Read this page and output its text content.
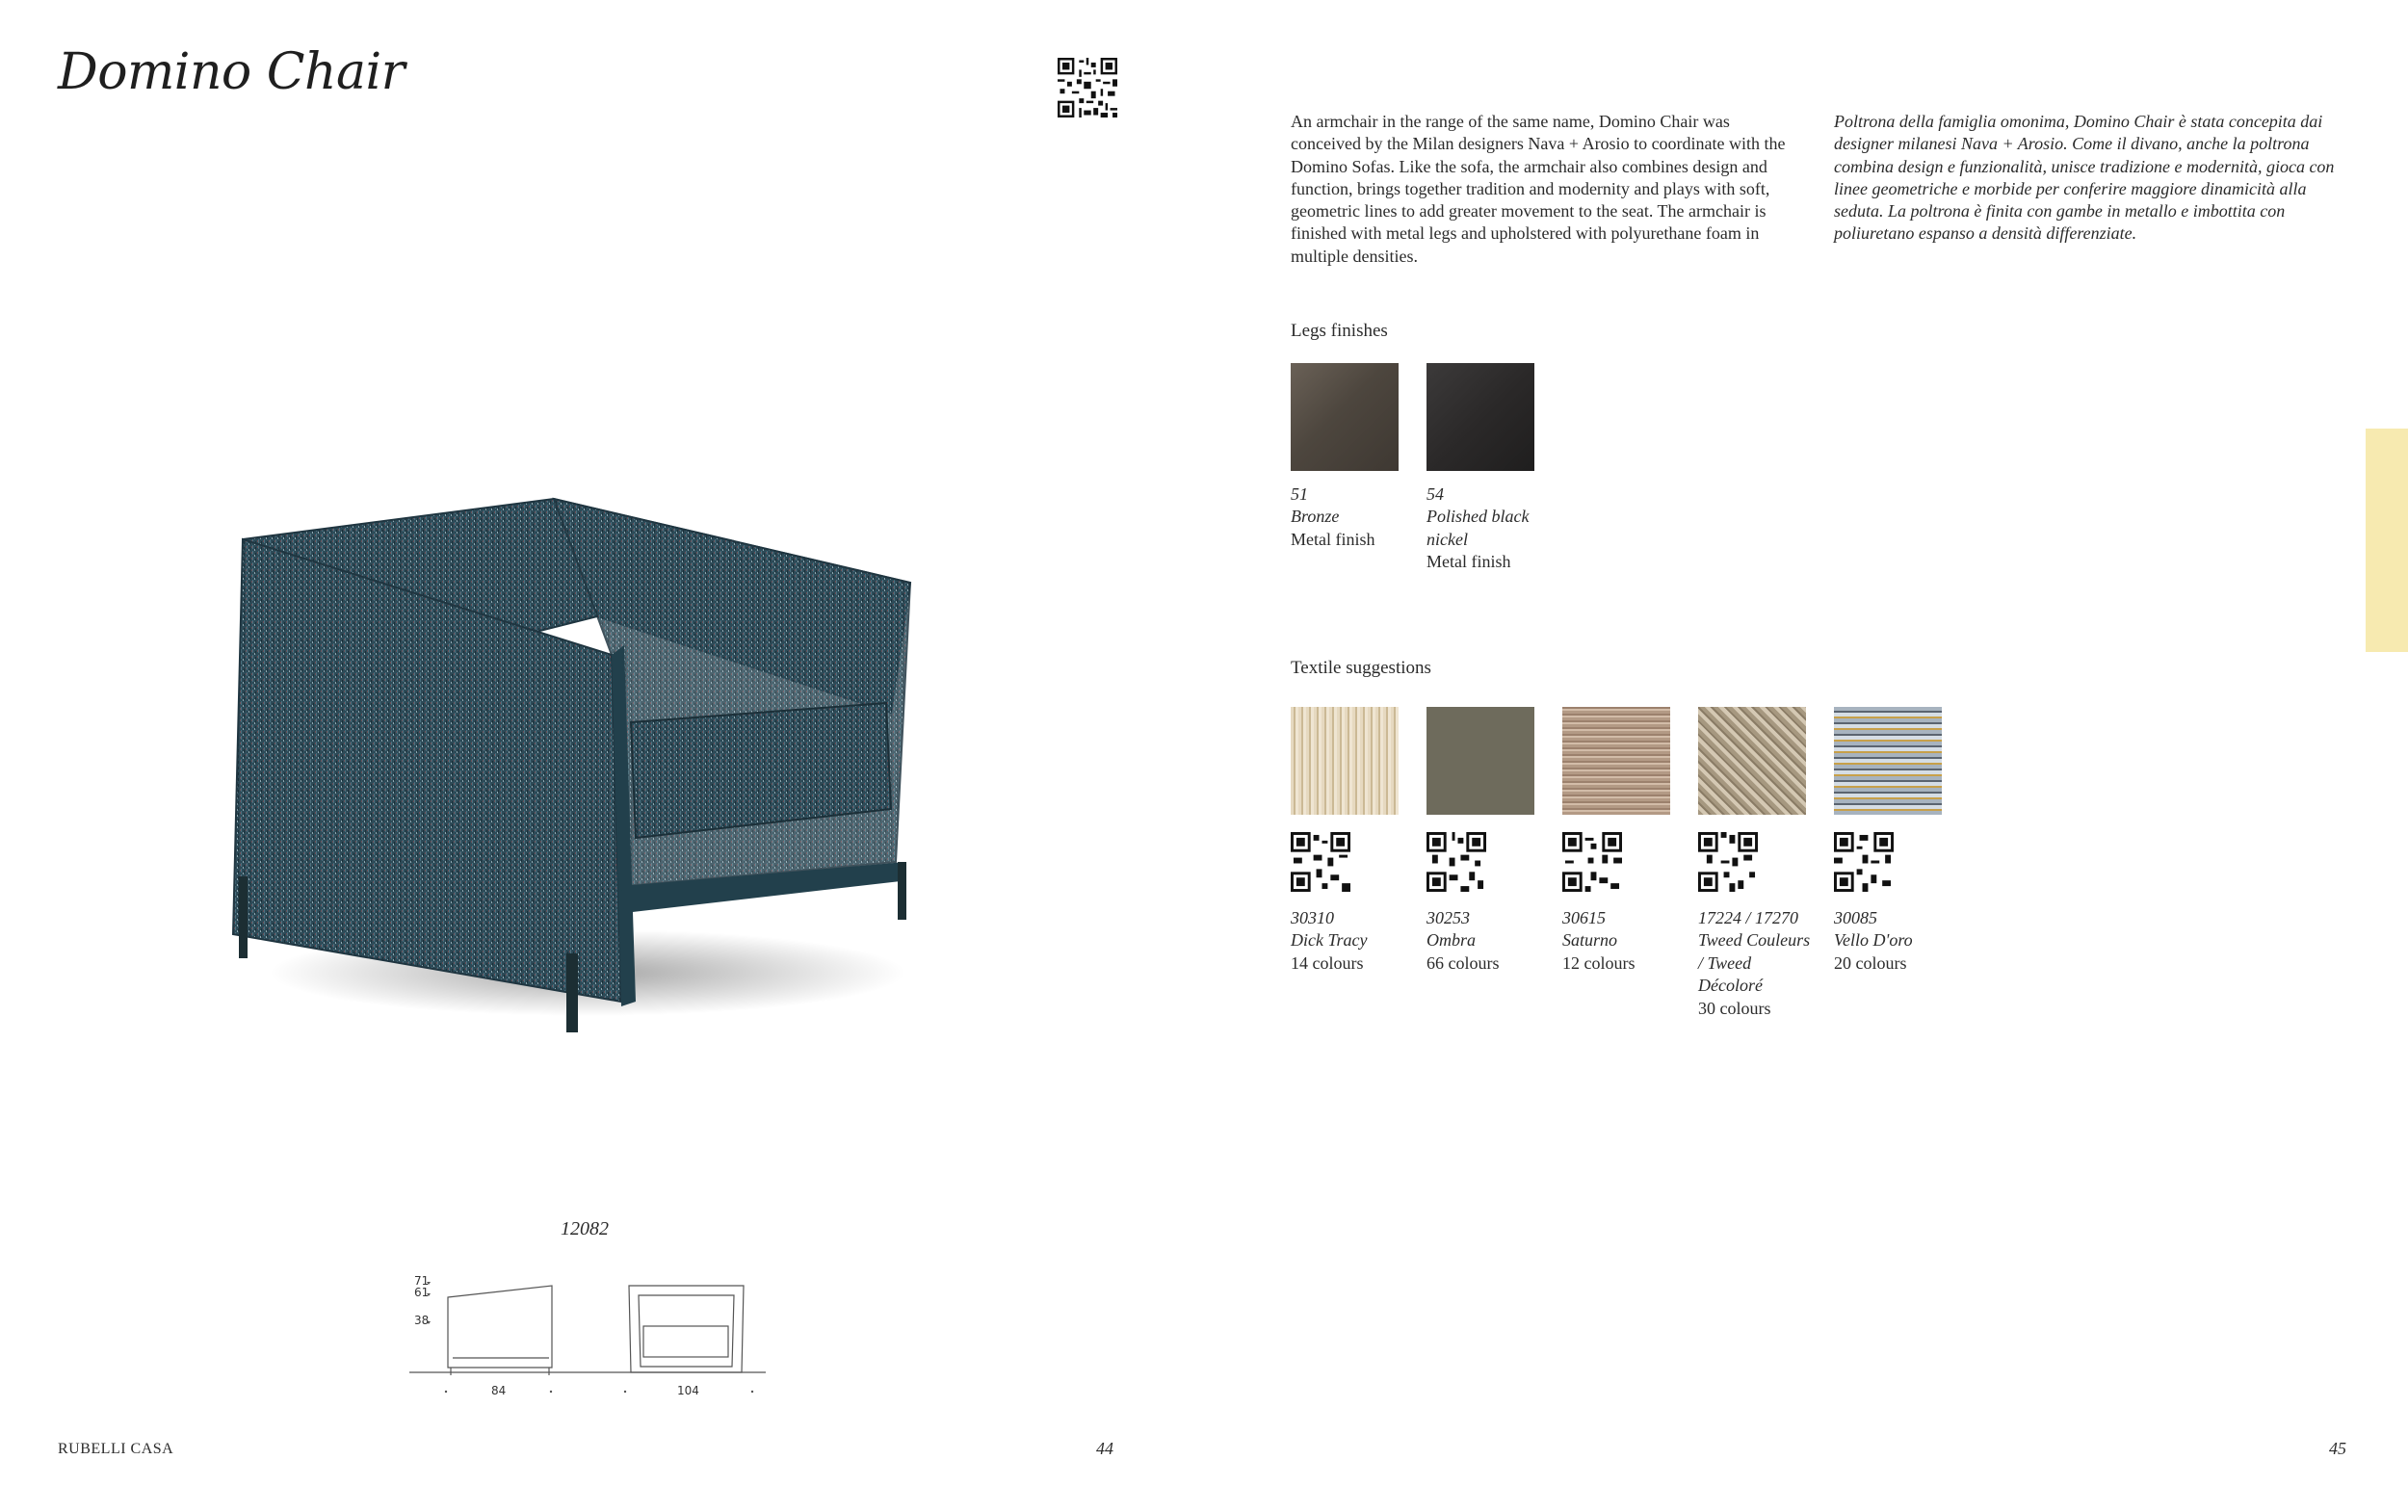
Domino Chair
12082
71
61
38
84	104
An armchair in the range of the same name, Domino Chair was conceived by the Milan designers Nava + Arosio to coordinate with the Domino Sofas. Like the sofa, the armchair also combines design and function, brings together tradition and modernity and plays with soft, geometric lines to add greater movement to the seat. The armchair is finished with metal legs and upholstered with polyurethane foam in multiple densities.
Poltrona della famiglia omonima, Domino Chair è stata concepita dai designer milanesi Nava + Arosio. Come il divano, anche la poltrona combina design e funzionalità, unisce tradizione e modernità, gioca con linee geometriche e morbide per conferire maggiore dinamicità alla seduta. La poltrona è finita con gambe in metallo e imbottita con poliuretano espanso a densità differenziate.
Legs finishes
51
Bronze
Metal finish
54
Polished black nickel
Metal finish
Textile suggestions
30310
Dick Tracy
14 colours
30253
Ombra
66 colours
30615
Saturno
12 colours
17224 / 17270
Tweed Couleurs / Tweed Décoloré
30 colours
30085
Vello D'oro
20 colours
RUBELLI CASA	44	45
